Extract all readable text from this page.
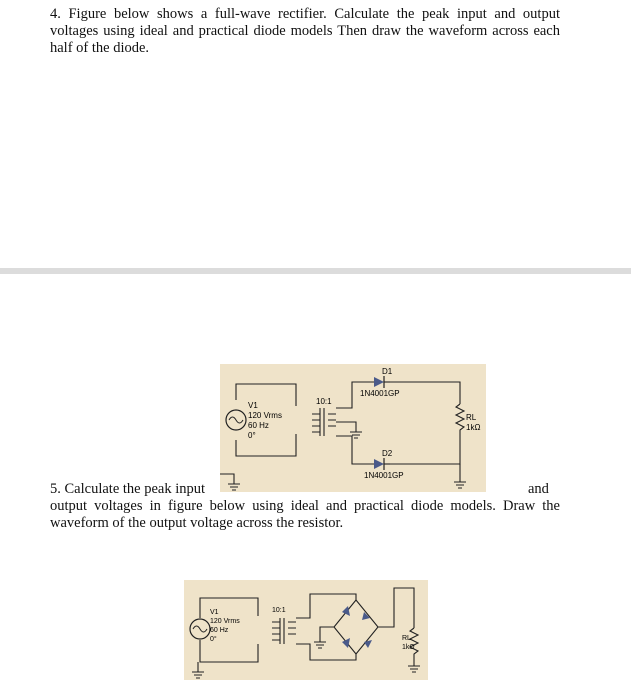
4. Figure below shows a full-wave rectifier. Calculate the peak input and output voltages using ideal and practical diode models Then draw the waveform across each half of the diode.
D1
1N4001GP
D2
1N4001GP
10:1
V1
120 Vrms
60 Hz
0°
RL
1kΩ
5. Calculate the peak input	and
output voltages in figure below using ideal and practical diode models. Draw the waveform of the output voltage across the resistor.
10:1
V1
120 Vrms
60 Hz
0°	RL
1kΩ
